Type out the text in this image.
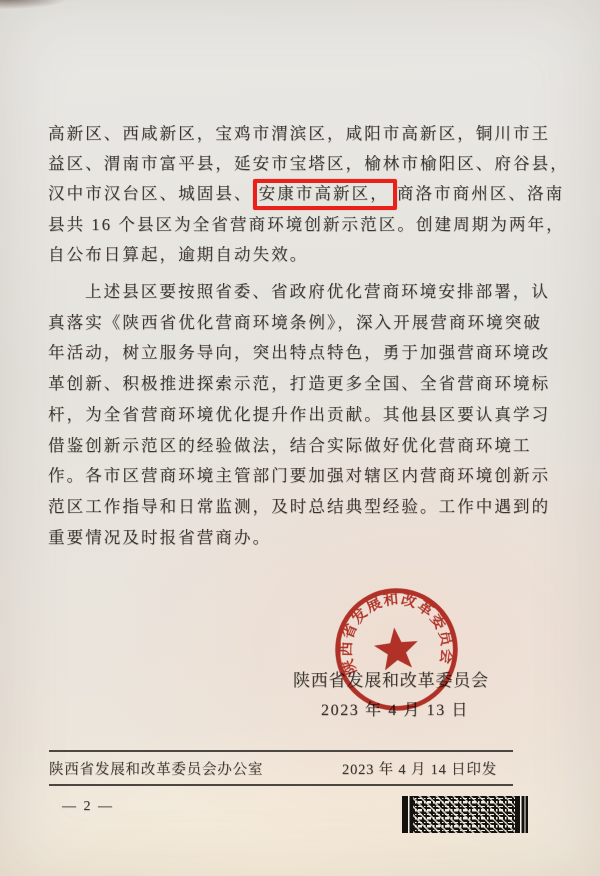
高新区、西咸新区，宝鸡市渭滨区，咸阳市高新区，铜川市王
益区、渭南市富平县，延安市宝塔区，榆林市榆阳区、府谷县，
汉中市汉台区、城固县、 安康市高新区， 商洛市商州区、洛南
县共 16 个县区为全省营商环境创新示范区。创建周期为两年，
自公布日算起，逾期自动失效。
上述县区要按照省委、省政府优化营商环境安排部署，认
真落实《陕西省优化营商环境条例》，深入开展营商环境突破
年活动，树立服务导向，突出特点特色，勇于加强营商环境改
革创新、积极推进探索示范，打造更多全国、全省营商环境标
杆，为全省营商环境优化提升作出贡献。其他县区要认真学习
借鉴创新示范区的经验做法，结合实际做好优化营商环境工
作。各市区营商环境主管部门要加强对辖区内营商环境创新示
范区工作指导和日常监测，及时总结典型经验。工作中遇到的
重要情况及时报省营商办。
陕西省发展和改革委员会
2023 年 4 月 13 日
陕西省发展和改革委员会
陕西省发展和改革委员会办公室	2023 年 4 月 14 日印发
— 2 —
